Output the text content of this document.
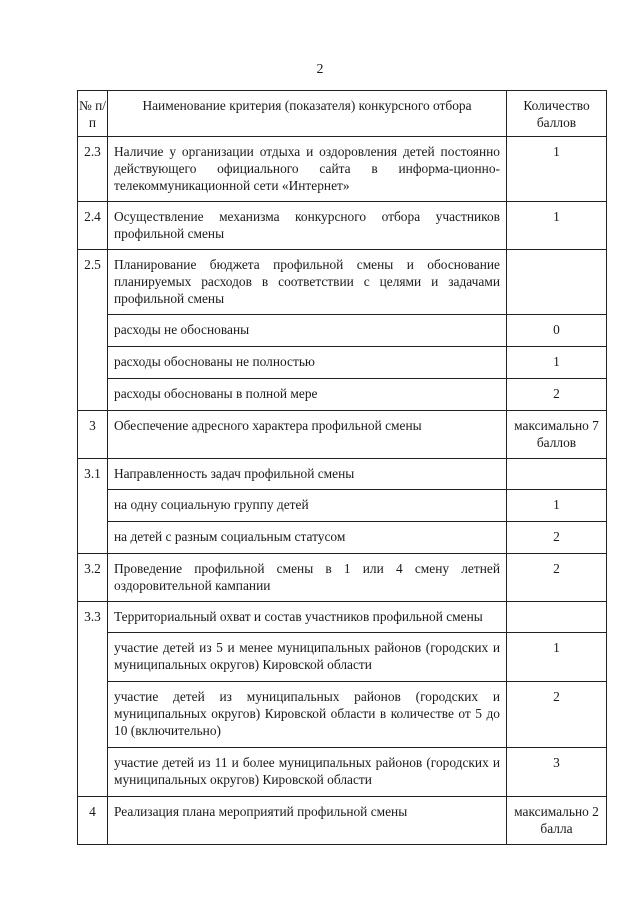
2
№ п/п	Наименование критерия (показателя) конкурсного отбора	Количество баллов
2.3	Наличие у организации отдыха и оздоровления детей постоянно действующего официального сайта в информа-ционно-телекоммуникационной сети «Интернет»	1
2.4	Осуществление механизма конкурсного отбора участников профильной смены	1
2.5	Планирование бюджета профильной смены и обоснование планируемых расходов в соответствии с целями и задачами профильной смены	
	расходы не обоснованы	0
	расходы обоснованы не полностью	1
	расходы обоснованы в полной мере	2
3	Обеспечение адресного характера профильной смены	максимально 7 баллов
3.1	Направленность задач профильной смены	
	на одну социальную группу детей	1
	на детей с разным социальным статусом	2
3.2	Проведение профильной смены в 1 или 4 смену летней оздоровительной кампании	2
3.3	Территориальный охват и состав участников профильной смены	
	участие детей из 5 и менее муниципальных районов (городских и муниципальных округов) Кировской области	1
	участие детей из муниципальных районов (городских и муниципальных округов) Кировской области в количестве от 5 до 10 (включительно)	2
	участие детей из 11 и более муниципальных районов (городских и муниципальных округов) Кировской области	3
4	Реализация плана мероприятий профильной смены	максимально 2 балла
